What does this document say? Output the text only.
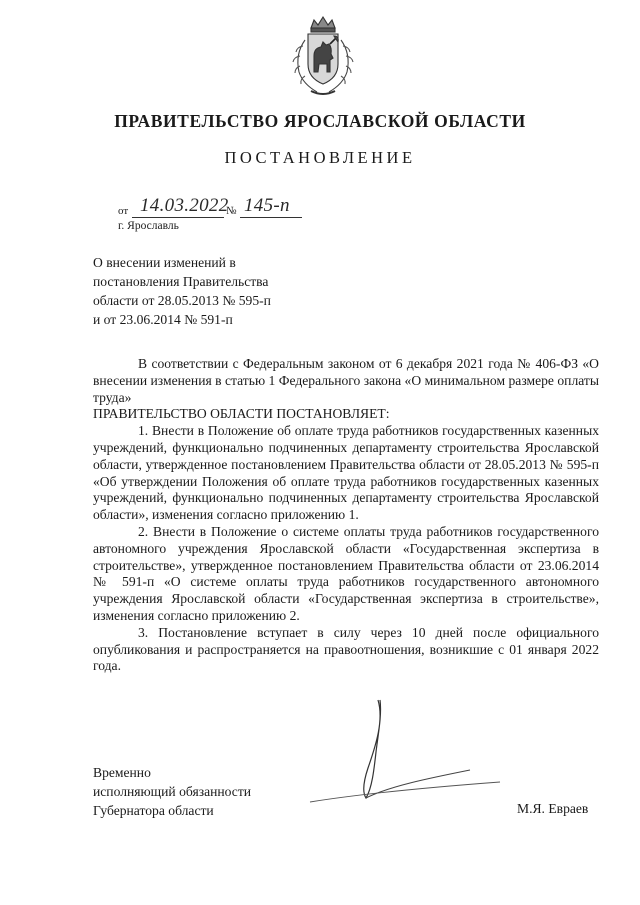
ПРАВИТЕЛЬСТВО ЯРОСЛАВСКОЙ ОБЛАСТИ
ПОСТАНОВЛЕНИЕ
от 14.03.2022
№ 145-п
г. Ярославль
О внесении изменений в
постановления Правительства
области от 28.05.2013 № 595-п
и от 23.06.2014 № 591-п

В соответствии с Федеральным законом от 6 декабря 2021 года № 406-ФЗ «О внесении изменения в статью 1 Федерального закона «О минимальном размере оплаты труда»

ПРАВИТЕЛЬСТВО ОБЛАСТИ ПОСТАНОВЛЯЕТ:

1. Внести в Положение об оплате труда работников государственных казенных учреждений, функционально подчиненных департаменту строительства Ярославской области, утвержденное постановлением Правительства области от 28.05.2013 № 595-п «Об утверждении Положения об оплате труда работников государственных казенных учреждений, функционально подчиненных департаменту строительства Ярославской области», изменения согласно приложению 1.

2. Внести в Положение о системе оплаты труда работников государственного автономного учреждения Ярославской области «Государственная экспертиза в строительстве», утвержденное постановлением Правительства области от 23.06.2014 № 591-п «О системе оплаты труда работников государственного автономного учреждения Ярославской области «Государственная экспертиза в строительстве», изменения согласно приложению 2.

3. Постановление вступает в силу через 10 дней после официального опубликования и распространяется на правоотношения, возникшие с 01 января 2022 года.

Временно
исполняющий обязанности
Губернатора области	М.Я. Евраев
